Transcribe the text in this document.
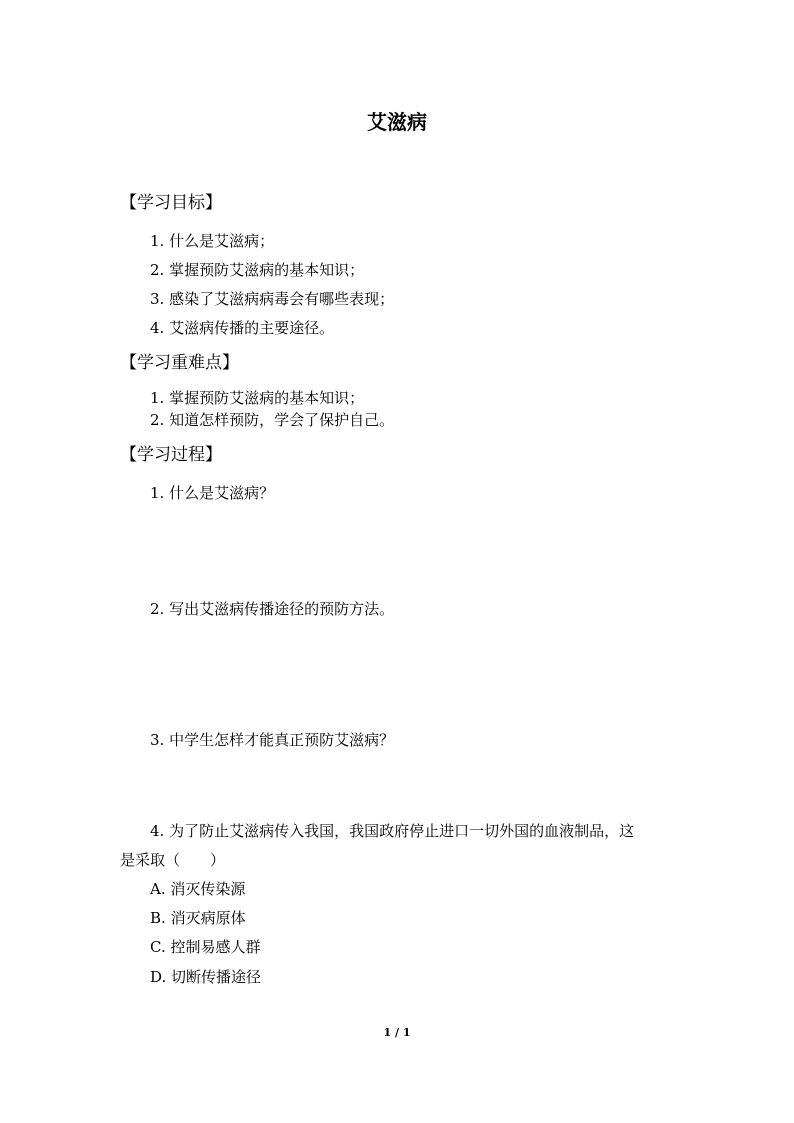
艾滋病
【学习目标】
1. 什么是艾滋病；
2. 掌握预防艾滋病的基本知识；
3. 感染了艾滋病病毒会有哪些表现；
4. 艾滋病传播的主要途径。
【学习重难点】
1. 掌握预防艾滋病的基本知识；
2. 知道怎样预防，学会了保护自己。
【学习过程】
1. 什么是艾滋病？
2. 写出艾滋病传播途径的预防方法。
3. 中学生怎样才能真正预防艾滋病？
4. 为了防止艾滋病传入我国，我国政府停止进口一切外国的血液制品，这
是采取（　　）
A. 消灭传染源
B. 消灭病原体
C. 控制易感人群
D. 切断传播途径
1 / 1
